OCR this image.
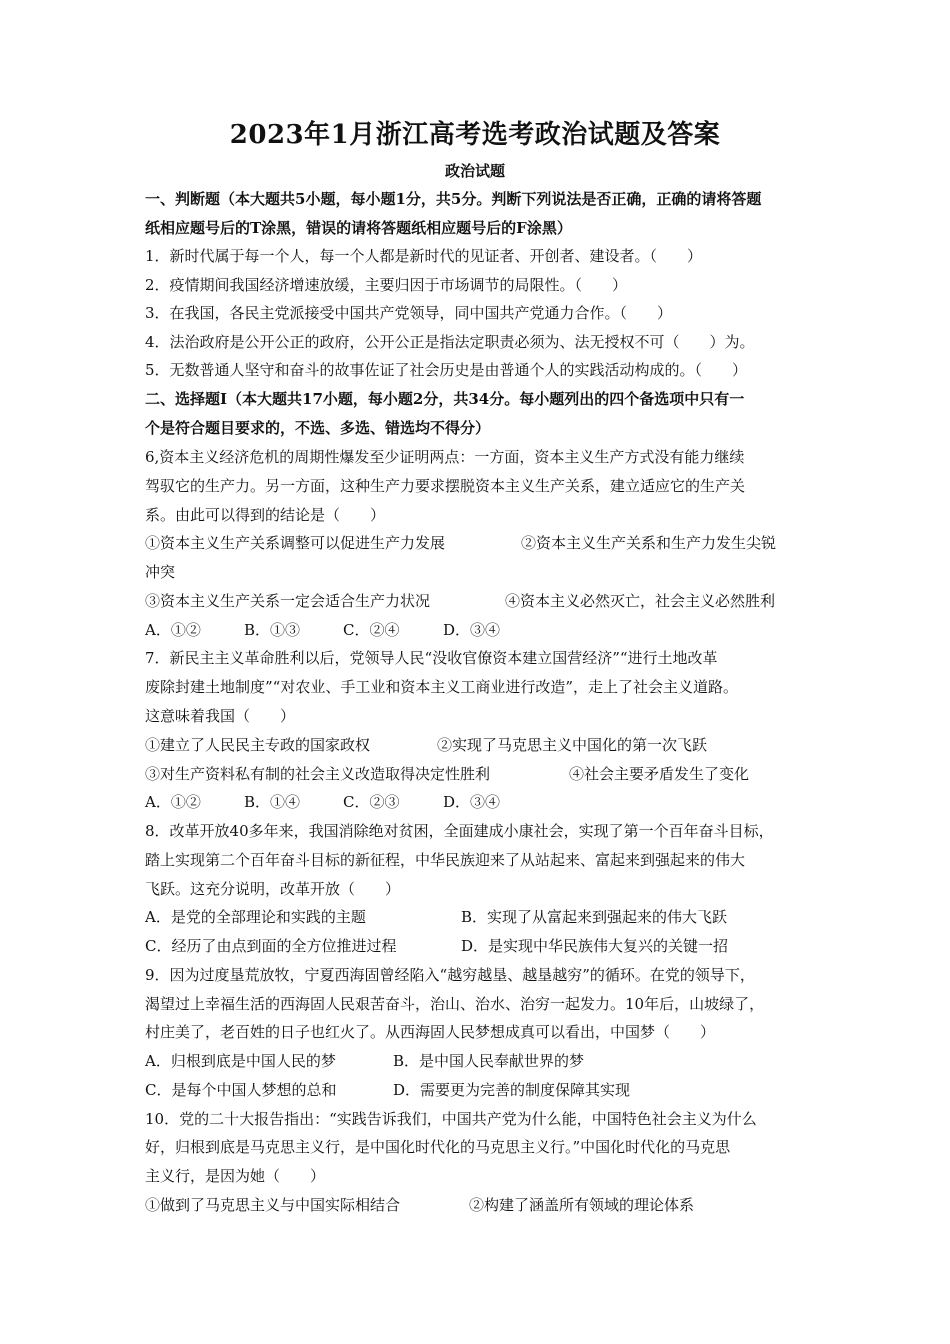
2023年1月浙江高考选考政治试题及答案
政治试题
一、判断题（本大题共5小题，每小题1分，共5分。判断下列说法是否正确，正确的请将答题
纸相应题号后的T涂黑，错误的请将答题纸相应题号后的F涂黑）
1．新时代属于每一个人，每一个人都是新时代的见证者、开创者、建设者。（　　）
2．疫情期间我国经济增速放缓，主要归因于市场调节的局限性。（　　）
3．在我国，各民主党派接受中国共产党领导，同中国共产党通力合作。（　　）
4．法治政府是公开公正的政府，公开公正是指法定职责必须为、法无授权不可（　　）为。
5．无数普通人坚守和奋斗的故事佐证了社会历史是由普通个人的实践活动构成的。（　　）
二、选择题Ⅰ（本大题共17小题，每小题2分，共34分。每小题列出的四个备选项中只有一
个是符合题目要求的，不选、多选、错选均不得分）
6,资本主义经济危机的周期性爆发至少证明两点：一方面，资本主义生产方式没有能力继续
驾驭它的生产力。另一方面，这种生产力要求摆脱资本主义生产关系，建立适应它的生产关
系。由此可以得到的结论是（　　）
①资本主义生产关系调整可以促进生产力发展	②资本主义生产关系和生产力发生尖锐
冲突
③资本主义生产关系一定会适合生产力状况	④资本主义必然灭亡，社会主义必然胜利
A．①②	B．①③	C．②④	D．③④
7．新民主主义革命胜利以后，党领导人民“没收官僚资本建立国营经济”“进行土地改革
废除封建土地制度”“对农业、手工业和资本主义工商业进行改造”，走上了社会主义道路。
这意味着我国（　　）
①建立了人民民主专政的国家政权	②实现了马克思主义中国化的第一次飞跃
③对生产资料私有制的社会主义改造取得决定性胜利	④社会主要矛盾发生了变化
A．①②	B．①④	C．②③	D．③④
8．改革开放40多年来，我国消除绝对贫困，全面建成小康社会，实现了第一个百年奋斗目标，
踏上实现第二个百年奋斗目标的新征程，中华民族迎来了从站起来、富起来到强起来的伟大
飞跃。这充分说明，改革开放（　　）
A．是党的全部理论和实践的主题	B．实现了从富起来到强起来的伟大飞跃
C．经历了由点到面的全方位推进过程	D．是实现中华民族伟大复兴的关键一招
9．因为过度垦荒放牧，宁夏西海固曾经陷入“越穷越垦、越垦越穷”的循环。在党的领导下，
渴望过上幸福生活的西海固人民艰苦奋斗，治山、治水、治穷一起发力。10年后，山坡绿了，
村庄美了，老百姓的日子也红火了。从西海固人民梦想成真可以看出，中国梦（　　）
A．归根到底是中国人民的梦	B．是中国人民奉献世界的梦
C．是每个中国人梦想的总和	D．需要更为完善的制度保障其实现
10．党的二十大报告指出：“实践告诉我们，中国共产党为什么能，中国特色社会主义为什么
好，归根到底是马克思主义行，是中国化时代化的马克思主义行。”中国化时代化的马克思
主义行，是因为她（　　）
①做到了马克思主义与中国实际相结合	②构建了涵盖所有领域的理论体系
